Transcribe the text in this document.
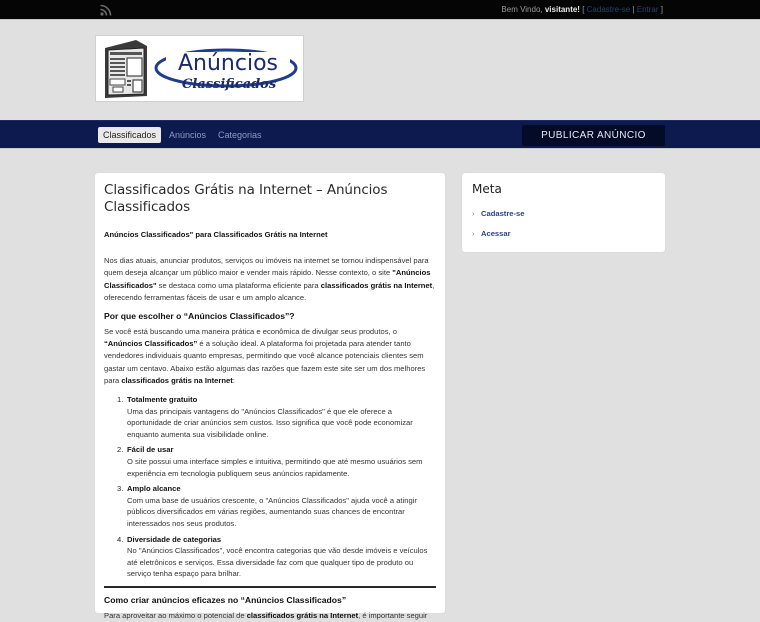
Bem Vindo, visitante! [ Cadastre-se | Entrar ]
Anúncios
Classificados
Classificados	Anúncios Categorias	PUBLICAR ANÚNCIO
Classificados Grátis na Internet – Anúncios Classificados

Anúncios Classificados" para Classificados Grátis na Internet

Nos dias atuais, anunciar produtos, serviços ou imóveis na internet se tornou indispensável para quem deseja alcançar um público maior e vender mais rápido. Nesse contexto, o site "Anúncios Classificados" se destaca como uma plataforma eficiente para classificados grátis na Internet, oferecendo ferramentas fáceis de usar e um amplo alcance.

Por que escolher o “Anúncios Classificados”?

Se você está buscando uma maneira prática e econômica de divulgar seus produtos, o “Anúncios Classificados” é a solução ideal. A plataforma foi projetada para atender tanto vendedores individuais quanto empresas, permitindo que você alcance potenciais clientes sem gastar um centavo. Abaixo estão algumas das razões que fazem este site ser um dos melhores para classificados grátis na Internet:

1. Totalmente gratuito
Uma das principais vantagens do "Anúncios Classificados" é que ele oferece a oportunidade de criar anúncios sem custos. Isso significa que você pode economizar enquanto aumenta sua visibilidade online.
2. Fácil de usar
O site possui uma interface simples e intuitiva, permitindo que até mesmo usuários sem experiência em tecnologia publiquem seus anúncios rapidamente.
3. Amplo alcance
Com uma base de usuários crescente, o "Anúncios Classificados" ajuda você a atingir públicos diversificados em várias regiões, aumentando suas chances de encontrar interessados nos seus produtos.
4. Diversidade de categorias
No "Anúncios Classificados", você encontra categorias que vão desde imóveis e veículos até eletrônicos e serviços. Essa diversidade faz com que qualquer tipo de produto ou serviço tenha espaço para brilhar.
Como criar anúncios eficazes no “Anúncios Classificados”

Para aproveitar ao máximo o potencial de classificados grátis na Internet, é importante seguir

Meta
› Cadastre-se
› Acessar
